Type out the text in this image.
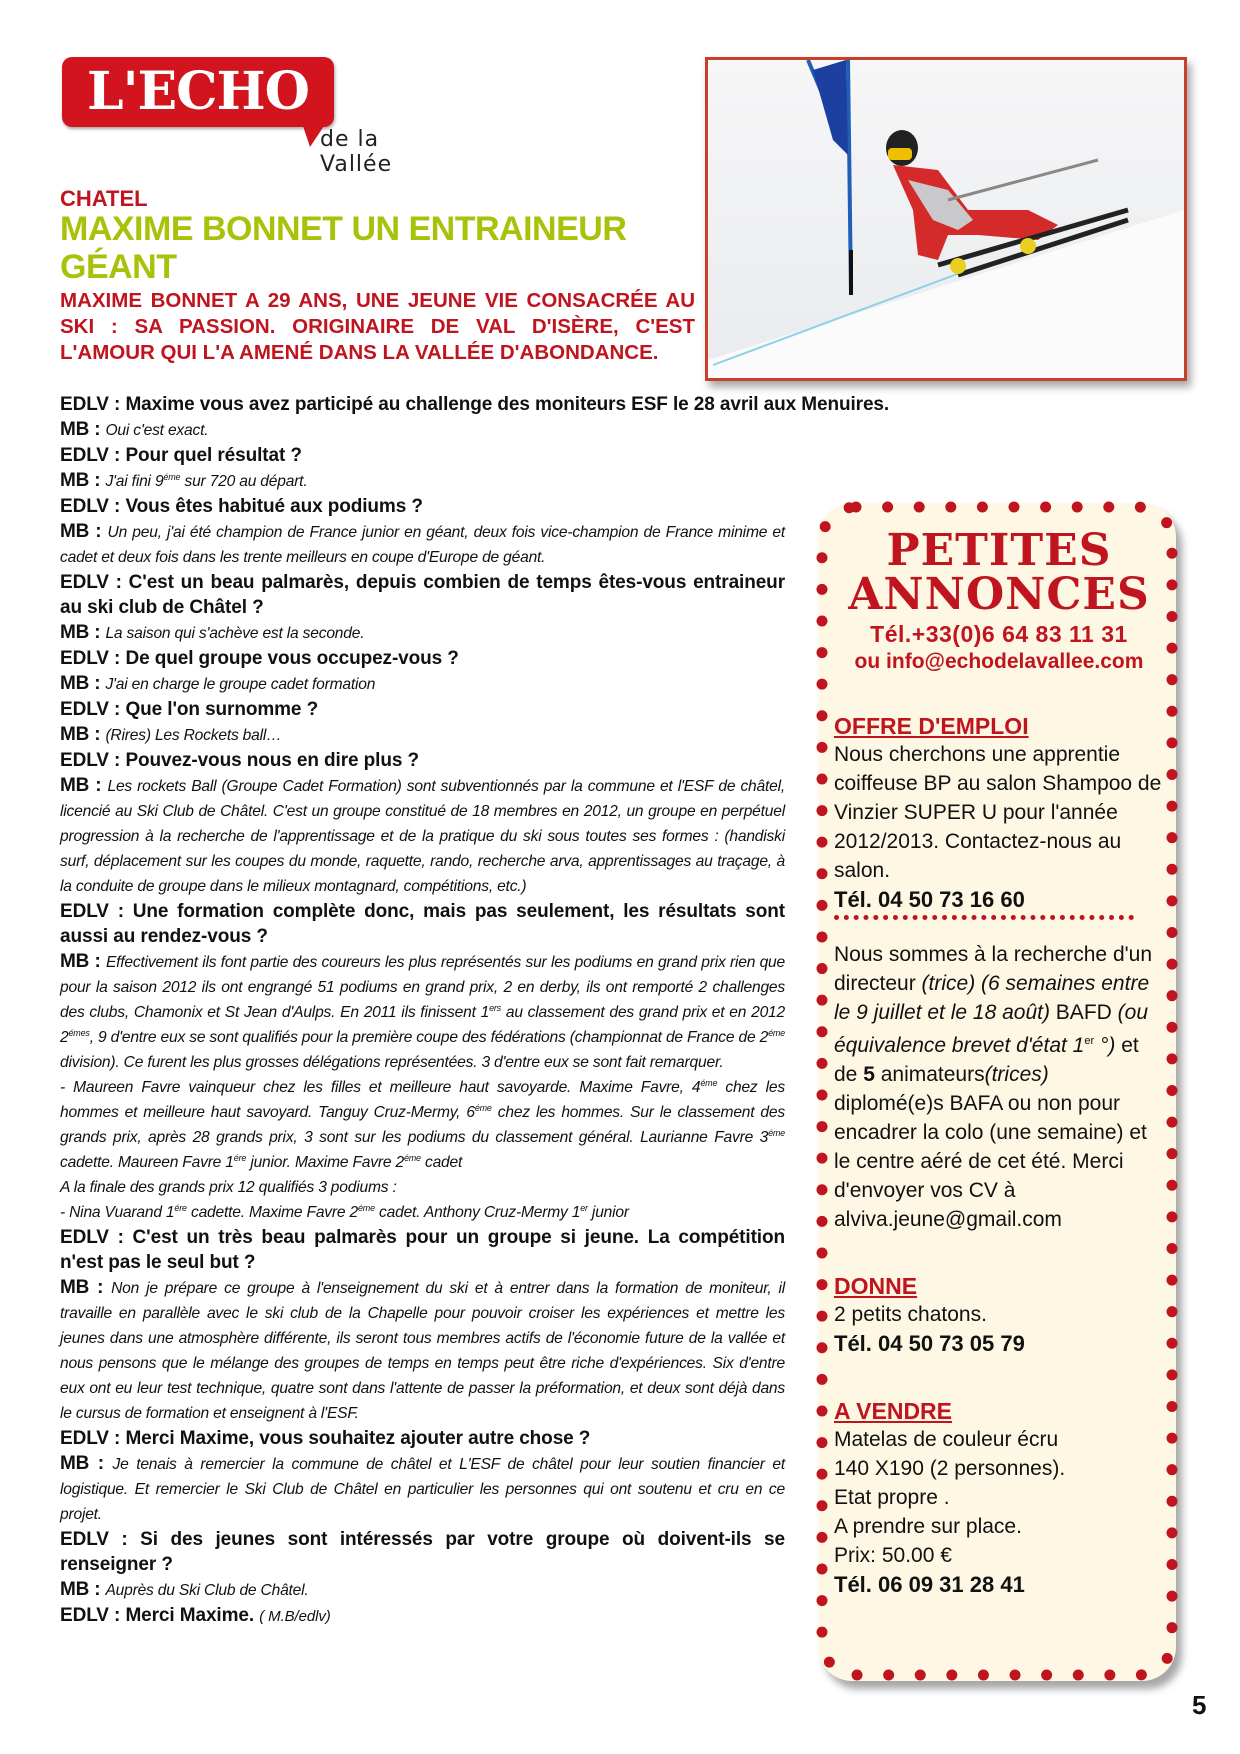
L'ECHO
de la Vallée
CHATEL
MAXIME BONNET UN ENTRAINEUR GÉANT
MAXIME BONNET A 29 ANS, UNE JEUNE VIE CONSACRÉE AU SKI : SA PASSION. ORIGINAIRE DE VAL D'ISÈRE, C'EST L'AMOUR QUI L'A AMENÉ DANS LA VALLÉE D'ABONDANCE.
EDLV : Maxime vous avez participé au challenge des moniteurs ESF le 28 avril aux Menuires.
MB : Oui c'est exact.
EDLV : Pour quel résultat ?
MB : J'ai fini $9^{éme}$ sur 720 au départ.
EDLV : Vous êtes habitué aux podiums ?
MB : Un peu, j'ai été champion de France junior en géant, deux fois vice-champion de France minime et cadet et deux fois dans les trente meilleurs en coupe d'Europe de géant.
EDLV : C'est un beau palmarès, depuis combien de temps êtes-vous entraineur au ski club de Châtel ?
MB : La saison qui s'achève est la seconde.
EDLV : De quel groupe vous occupez-vous ?
MB : J'ai en charge le groupe cadet formation
EDLV : Que l'on surnomme ?
MB : (Rires) Les Rockets ball…
EDLV : Pouvez-vous nous en dire plus ?
MB : Les rockets Ball (Groupe Cadet Formation) sont subventionnés par la commune et l'ESF de châtel, licencié au Ski Club de Châtel. C'est un groupe constitué de 18 membres en 2012, un groupe en perpétuel progression à la recherche de l'apprentissage et de la pratique du ski sous toutes ses formes : (handiski surf, déplacement sur les coupes du monde, raquette, rando, recherche arva, apprentissages au traçage, à la conduite de groupe dans le milieux montagnard, compétitions, etc.)
EDLV : Une formation complète donc, mais pas seulement, les résultats sont aussi au rendez-vous ?
MB : Effectivement ils font partie des coureurs les plus représentés sur les podiums en grand prix rien que pour la saison 2012 ils ont engrangé 51 podiums en grand prix, 2 en derby, ils ont remporté 2 challenges des clubs, Chamonix et St Jean d'Aulps. En 2011 ils finissent 1ers au classement des grand prix et en 2012 $2^{émes}$, 9 d'entre eux se sont qualifiés pour la première coupe des fédérations (championnat de France de $2^{éme}$ division). Ce furent les plus grosses délégations représentées. 3 d'entre eux se sont fait remarquer.
- Maureen Favre vainqueur chez les filles et meilleure haut savoyarde. Maxime Favre, $4^{éme}$ chez les hommes et meilleure haut savoyard. Tanguy Cruz-Mermy, $6^{éme}$ chez les hommes. Sur le classement des grands prix, après 28 grands prix, 3 sont sur les podiums du classement général. Laurianne Favre $3^{éme}$ cadette. Maureen Favre $1^{ére}$ junior. Maxime Favre $2^{éme}$ cadet
A la finale des grands prix 12 qualifiés 3 podiums :
- Nina Vuarand $1^{ére}$ cadette. Maxime Favre $2^{éme}$ cadet. Anthony Cruz-Mermy 1er junior
EDLV : C'est un très beau palmarès pour un groupe si jeune. La compétition n'est pas le seul but ?
MB : Non je prépare ce groupe à l'enseignement du ski et à entrer dans la formation de moniteur, il travaille en parallèle avec le ski club de la Chapelle pour pouvoir croiser les expériences et mettre les jeunes dans une atmosphère différente, ils seront tous membres actifs de l'économie future de la vallée et nous pensons que le mélange des groupes de temps en temps peut être riche d'expériences. Six d'entre eux ont eu leur test technique, quatre sont dans l'attente de passer la préformation, et deux sont déjà dans le cursus de formation et enseignent à l'ESF.
EDLV : Merci Maxime, vous souhaitez ajouter autre chose ?
MB : Je tenais à remercier la commune de châtel et L'ESF de châtel pour leur soutien financier et logistique. Et remercier le Ski Club de Châtel en particulier les personnes qui ont soutenu et cru en ce projet.
EDLV : Si des jeunes sont intéressés par votre groupe où doivent-ils se renseigner ?
MB : Auprès du Ski Club de Châtel.
EDLV : Merci Maxime. ( M.B/edlv)
PETITES
ANNONCES
Tél.+33(0)6 64 83 11 31
ou info@echodelavallee.com
OFFRE D'EMPLOI
Nous cherchons une apprentie coiffeuse BP au salon Shampoo de Vinzier SUPER U pour l'année 2012/2013. Contactez-nous au salon.
Tél. 04 50 73 16 60
Nous sommes à la recherche d'un directeur (trice) (6 semaines entre le 9 juillet et le 18 août) BAFD (ou équivalence brevet d'état 1er °) et de 5 animateurs(trices) diplomé(e)s BAFA ou non pour encadrer la colo (une semaine) et le centre aéré de cet été. Merci d'envoyer vos CV à alviva.jeune@gmail.com
DONNE
2 petits chatons.
Tél. 04 50 73 05 79
A VENDRE
Matelas de couleur écru
140 X190 (2 personnes).
Etat propre .
A prendre sur place.
Prix: 50.00 €
Tél. 06 09 31 28 41
5
